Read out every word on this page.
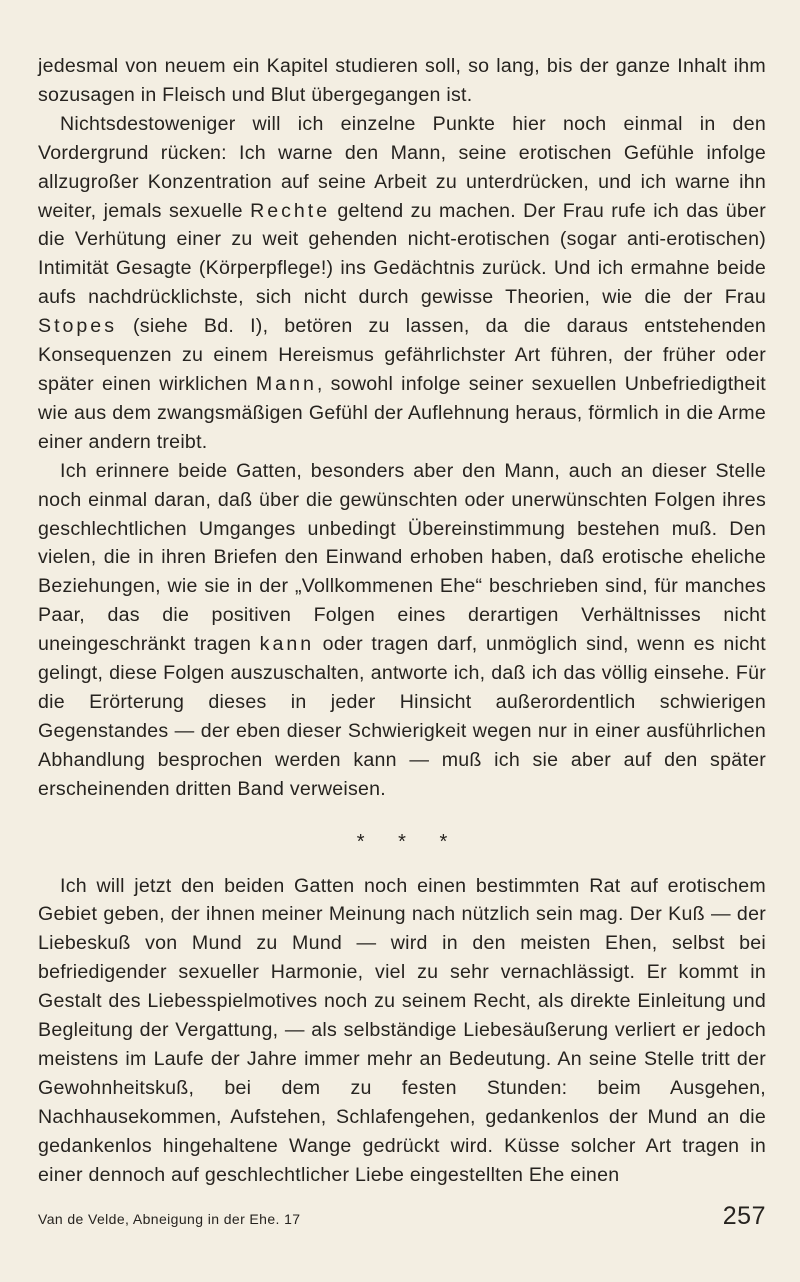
jedesmal von neuem ein Kapitel studieren soll, so lang, bis der ganze Inhalt ihm sozusagen in Fleisch und Blut übergegangen ist.

Nichtsdestoweniger will ich einzelne Punkte hier noch einmal in den Vordergrund rücken: Ich warne den Mann, seine erotischen Gefühle infolge allzugroßer Konzentration auf seine Arbeit zu unterdrücken, und ich warne ihn weiter, jemals sexuelle Rechte geltend zu machen. Der Frau rufe ich das über die Verhütung einer zu weit gehenden nicht-erotischen (sogar anti-erotischen) Intimität Gesagte (Körperpflege!) ins Gedächtnis zurück. Und ich ermahne beide aufs nachdrücklichste, sich nicht durch gewisse Theorien, wie die der Frau Stopes (siehe Bd. I), betören zu lassen, da die daraus entstehenden Konsequenzen zu einem Hereismus gefährlichster Art führen, der früher oder später einen wirklichen Mann, sowohl infolge seiner sexuellen Unbefriedigtheit wie aus dem zwangsmäßigen Gefühl der Auflehnung heraus, förmlich in die Arme einer andern treibt.

Ich erinnere beide Gatten, besonders aber den Mann, auch an dieser Stelle noch einmal daran, daß über die gewünschten oder unerwünschten Folgen ihres geschlechtlichen Umganges unbedingt Übereinstimmung bestehen muß. Den vielen, die in ihren Briefen den Einwand erhoben haben, daß erotische eheliche Beziehungen, wie sie in der „Vollkommenen Ehe“ beschrieben sind, für manches Paar, das die positiven Folgen eines derartigen Verhältnisses nicht uneingeschränkt tragen kann oder tragen darf, unmöglich sind, wenn es nicht gelingt, diese Folgen auszuschalten, antworte ich, daß ich das völlig einsehe. Für die Erörterung dieses in jeder Hinsicht außerordentlich schwierigen Gegenstandes — der eben dieser Schwierigkeit wegen nur in einer ausführlichen Abhandlung besprochen werden kann — muß ich sie aber auf den später erscheinenden dritten Band verweisen.

* * *

Ich will jetzt den beiden Gatten noch einen bestimmten Rat auf erotischem Gebiet geben, der ihnen meiner Meinung nach nützlich sein mag. Der Kuß — der Liebeskuß von Mund zu Mund — wird in den meisten Ehen, selbst bei befriedigender sexueller Harmonie, viel zu sehr vernachlässigt. Er kommt in Gestalt des Liebesspielmotives noch zu seinem Recht, als direkte Einleitung und Begleitung der Vergattung, — als selbständige Liebesäußerung verliert er jedoch meistens im Laufe der Jahre immer mehr an Bedeutung. An seine Stelle tritt der Gewohnheitskuß, bei dem zu festen Stunden: beim Ausgehen, Nachhausekommen, Aufstehen, Schlafengehen, gedankenlos der Mund an die gedankenlos hingehaltene Wange gedrückt wird. Küsse solcher Art tragen in einer dennoch auf geschlechtlicher Liebe eingestellten Ehe einen

Van de Velde, Abneigung in der Ehe. 17	257
